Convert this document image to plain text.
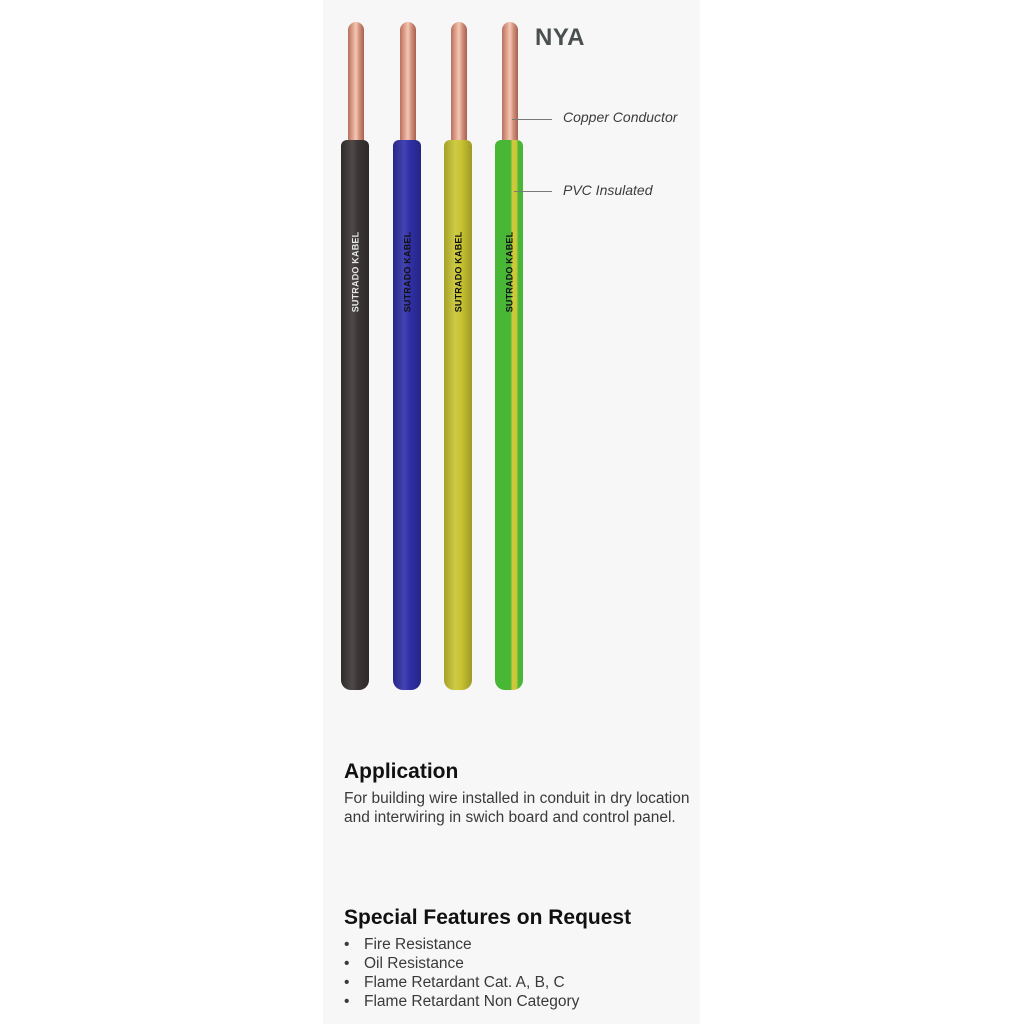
NYA
SUTRADO KABEL	SUTRADO KABEL	SUTRADO KABEL	SUTRADO KABEL
Copper Conductor
PVC Insulated
Application
For building wire installed in conduit in dry location and interwiring in swich board and control panel.
Special Features on Request
• Fire Resistance
• Oil Resistance
• Flame Retardant Cat. A, B, C
• Flame Retardant Non Category
